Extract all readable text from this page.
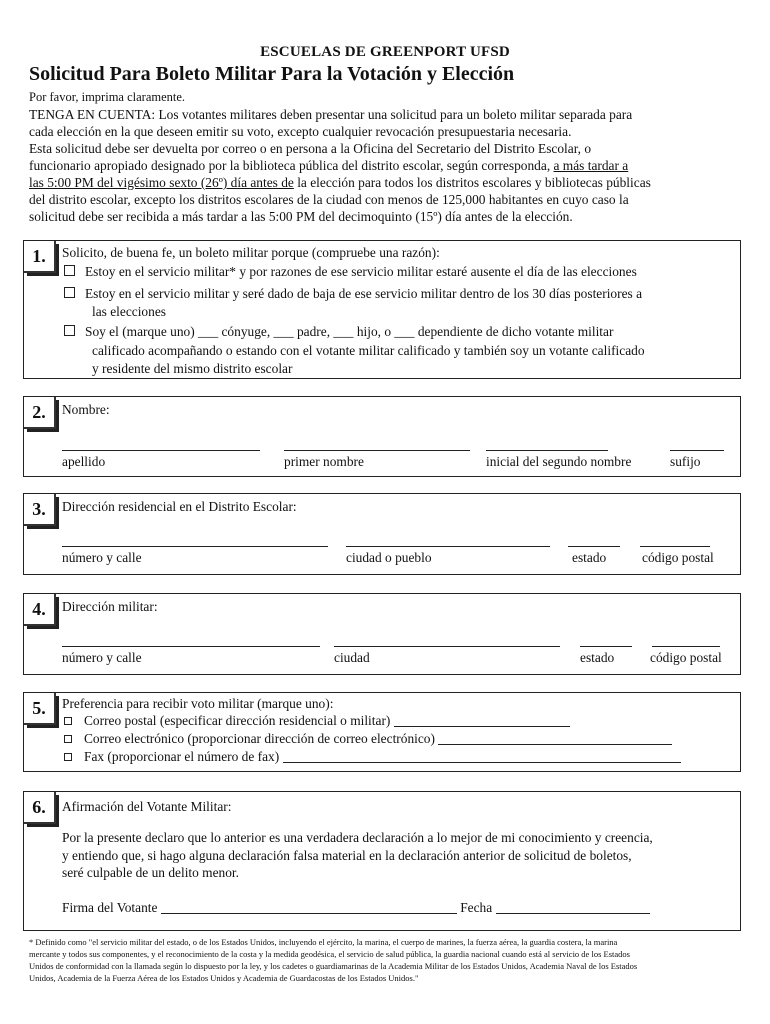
ESCUELAS DE GREENPORT UFSD
Solicitud Para Boleto Militar Para la Votación y Elección
Por favor, imprima claramente.
TENGA EN CUENTA: Los votantes militares deben presentar una solicitud para un boleto militar separada para
cada elección en la que deseen emitir su voto, excepto cualquier revocación presupuestaria necesaria.
Esta solicitud debe ser devuelta por correo o en persona a la Oficina del Secretario del Distrito Escolar, o
funcionario apropiado designado por la biblioteca pública del distrito escolar, según corresponda, a más tardar a
las 5:00 PM del vigésimo sexto (26º) día antes de la elección para todos los distritos escolares y bibliotecas públicas
del distrito escolar, excepto los distritos escolares de la ciudad con menos de 125,000 habitantes en cuyo caso la
solicitud debe ser recibida a más tardar a las 5:00 PM del decimoquinto (15º) día antes de la elección.
1.	Solicito, de buena fe, un boleto militar porque (compruebe una razón):
Estoy en el servicio militar* y por razones de ese servicio militar estaré ausente el día de las elecciones
Estoy en el servicio militar y seré dado de baja de ese servicio militar dentro de los 30 días posteriores a
las elecciones
Soy el (marque uno) ___ cónyuge, ___ padre, ___ hijo, o ___ dependiente de dicho votante militar
calificado acompañando o estando con el votante militar calificado y también soy un votante calificado
y residente del mismo distrito escolar
2.	Nombre:
apellido	primer nombre	inicial del segundo nombre	sufijo
3.	Dirección residencial en el Distrito Escolar:
número y calle	ciudad o pueblo	estado	código postal
4.	Dirección militar:
número y calle	ciudad	estado	código postal
5.	Preferencia para recibir voto militar (marque uno):
Correo postal (especificar dirección residencial o militar)
Correo electrónico (proporcionar dirección de correo electrónico)
Fax (proporcionar el número de fax)
6.	Afirmación del Votante Militar:
Por la presente declaro que lo anterior es una verdadera declaración a lo mejor de mi conocimiento y creencia,
y entiendo que, si hago alguna declaración falsa material en la declaración anterior de solicitud de boletos,
seré culpable de un delito menor.
Firma del Votante	Fecha
* Definido como "el servicio militar del estado, o de los Estados Unidos, incluyendo el ejército, la marina, el cuerpo de marines, la fuerza aérea, la guardia costera, la marina
mercante y todos sus componentes, y el reconocimiento de la costa y la medida geodésica, el servicio de salud pública, la guardia nacional cuando está al servicio de los Estados
Unidos de conformidad con la llamada según lo dispuesto por la ley, y los cadetes o guardiamarinas de la Academia Militar de los Estados Unidos, Academia Naval de los Estados
Unidos, Academia de la Fuerza Aérea de los Estados Unidos y Academia de Guardacostas de los Estados Unidos."
